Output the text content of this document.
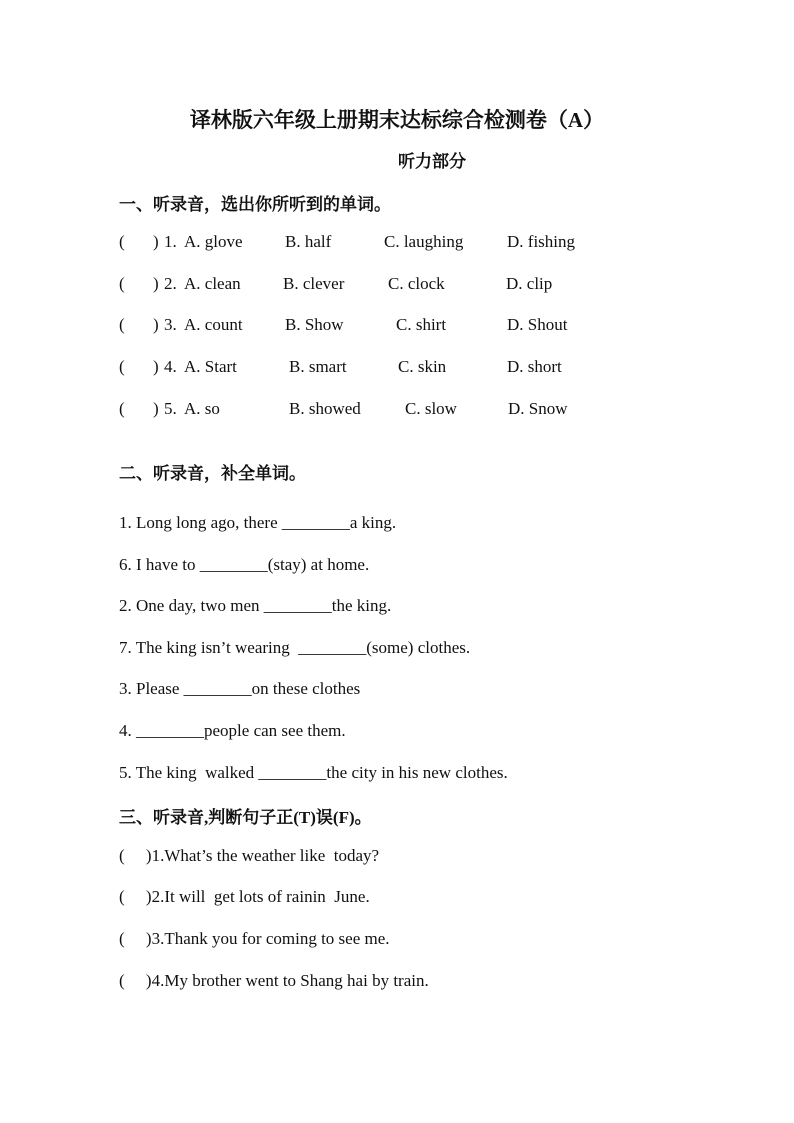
译林版六年级上册期末达标综合检测卷（A）
听力部分
一、听录音，选出你所听到的单词。
( ) 1. A. glove B. half	C. laughing	D. fishing
( ) 2. A. clean B. clever	C. clock	D. clip
( ) 3. A. count B. Show	C. shirt	D. Shout
( ) 4. A. Start	B. smart	C. skin	D. short
( ) 5. A. so	B. showed	C. slow	D. Snow
二、听录音，补全单词。
1. Long long ago, there ________a king.
6. I have to ________(stay) at home.
2. One day, two men ________the king.
7. The king isn’t wearing  ________(some) clothes.
3. Please ________on these clothes
4. ________people can see them.
5. The king  walked ________the city in his new clothes.
三、听录音,判断句子正(T)误(F)。
(     )1.What’s the weather like  today?
(     )2.It will  get lots of rainin  June.
(     )3.Thank you for coming to see me.
(     )4.My brother went to Shang hai by train.
